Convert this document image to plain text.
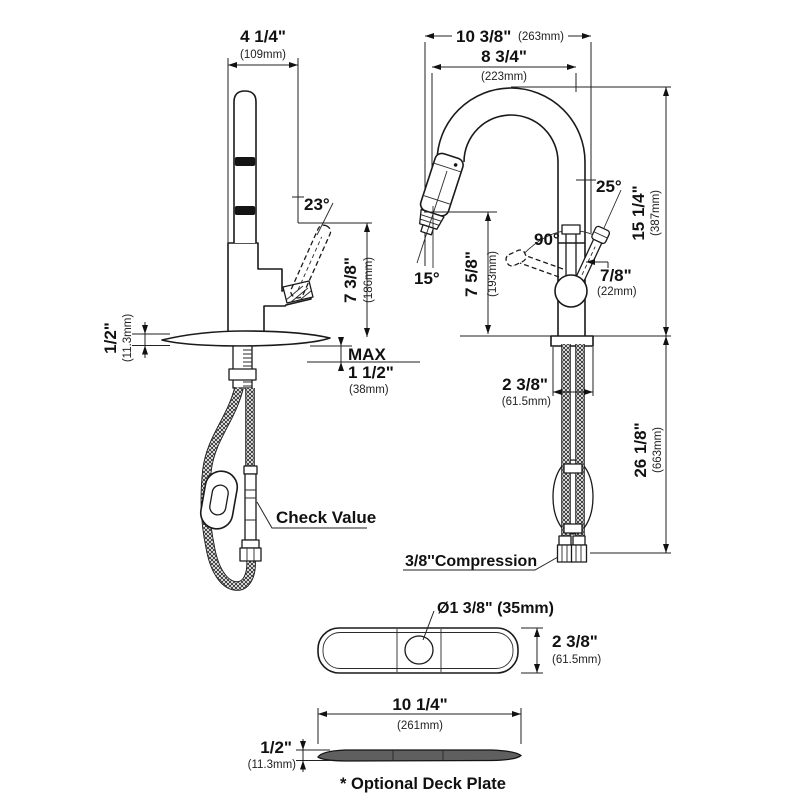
4 1/4"
(109mm)
23°
7 3/8" (186mm)
1/2" (11.3mm)	MAX
1 1/2"
(38mm)
Check Value
10 3/8" (263mm)
8 3/4"
(223mm)
15° 7 5/8" (193mm)
90°
25°
7/8"
(22mm)
2 3/8"
(61.5mm)
15 1/4" (387mm)
26 1/8" (663mm)
3/8''Compression
Ø1 3/8" (35mm)
2 3/8"
(61.5mm)
10 1/4"
(261mm)
1/2"
(11.3mm)
* Optional Deck Plate
